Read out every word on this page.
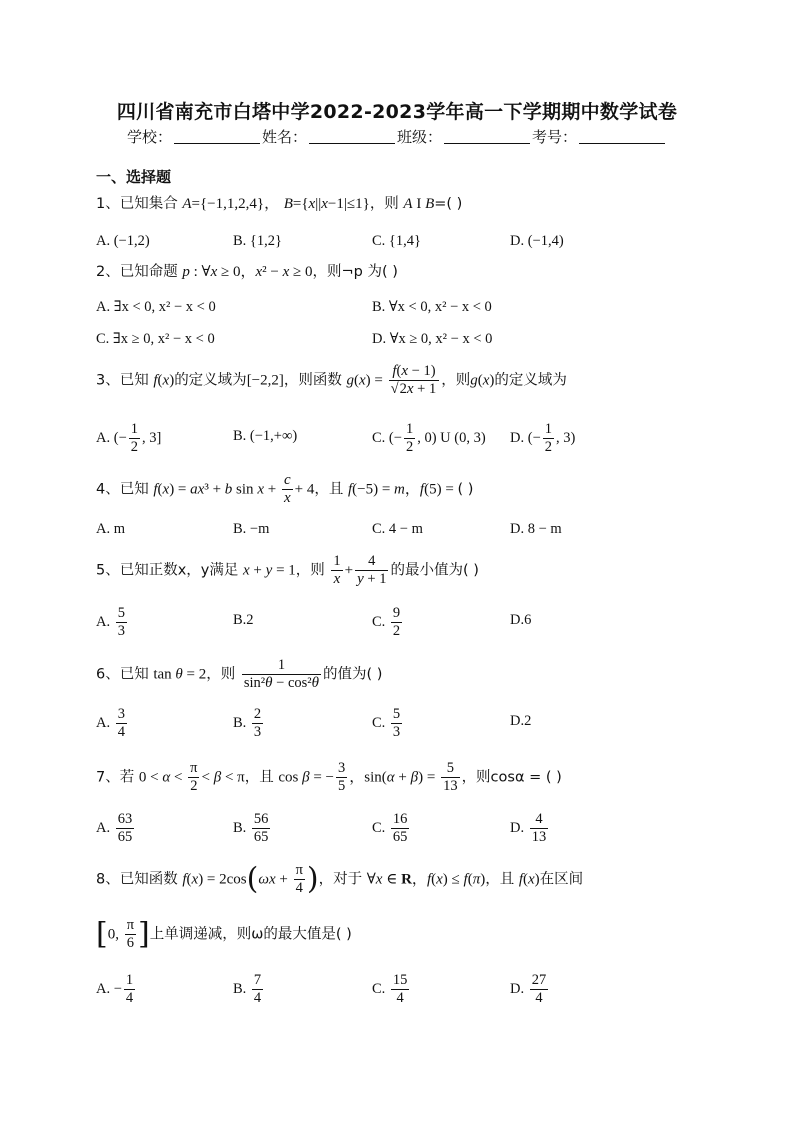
四川省南充市白塔中学2022-2023学年高一下学期期中数学试卷
学校：	姓名：	班级：	考号：
一、选择题
1、已知集合 A={−1,1,2,4}， B={x||x−1|≤1}，则 A I B=( )
A. (−1,2)	B. {1,2}	C. {1,4}	D. (−1,4)
2、已知命题 p : ∀x ≥ 0，x² − x ≥ 0，则¬p 为( )
A. ∃x < 0, x² − x < 0	B. ∀x < 0, x² − x < 0
C. ∃x ≥ 0, x² − x < 0	D. ∀x ≥ 0, x² − x < 0
3、已知 f(x)的定义域为[−2,2]，则函数 $g(x) = \frac{f(x - 1)}{√2x + 1}$ ，则g(x)的定义域为
A. (− $\frac{1}{2}$ , 3]	B. (−1,+∞)	C. (− $\frac{1}{2}$ , 0) U (0, 3) D. (− $\frac{1}{2}$ , 3)
4、已知 f(x) = ax³ + b $\sin x + \frac{c}{x} + 4$，且 f(−5) = m，f(5) = ( )
A. m	B. −m	C. 4 − m	D. 8 − m
5、已知正数x，y满足 x + y = 1，则 $\frac{1}{x} + \frac{4}{y + 1}$ 的最小值为( )
A. $\frac{5}{3}$	B.2	C. $\frac{9}{2}$	D.6
6、已知 tan θ = 2，则 $\frac{1}{\text{sin²θ − cos²θ}}$ 的值为( )
A. $\frac{3}{4}$	B. $\frac{2}{3}$	C. $\frac{5}{3}$	D.2
7、若 $0 < \alpha < \frac{\pi}{2} < \beta < \pi$，且 cos β = − $\frac{3}{5}$ ，$\sin(\alpha + \beta) = \frac{5}{13}$ ，则cosα = ( )
A. $\frac{63}{65}$	B. $\frac{56}{65}$	C. $\frac{16}{65}$	D. $\frac{4}{13}$
8、已知函数 $f(x) = 2\cos(\omega x + \frac{\pi}{4}$ )，对于 ∀x ∈ R，f(x) ≤ f(π)，且 f(x)在区间
[0, $\frac{\pi}{6}$ ]上单调递减，则ω的最大值是( )
A. − $\frac{1}{4}$	B. $\frac{7}{4}$	C. $\frac{15}{4}$	D. $\frac{27}{4}$
